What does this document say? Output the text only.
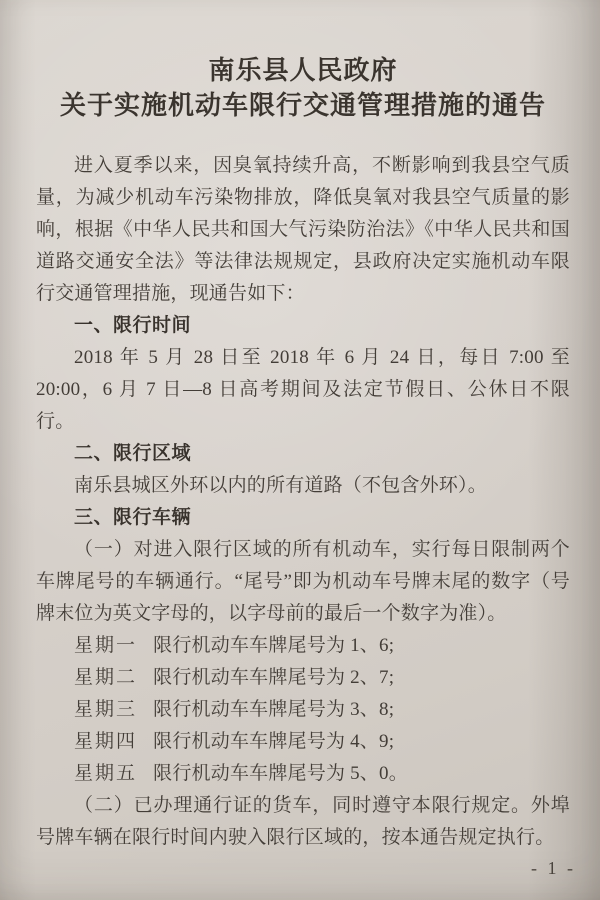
南乐县人民政府
关于实施机动车限行交通管理措施的通告

进入夏季以来，因臭氧持续升高，不断影响到我县空气质量，为减少机动车污染物排放，降低臭氧对我县空气质量的影响，根据《中华人民共和国大气污染防治法》《中华人民共和国道路交通安全法》等法律法规规定，县政府决定实施机动车限行交通管理措施，现通告如下：

一、限行时间

2018 年 5 月 28 日至 2018 年 6 月 24 日，每日 7:00 至 20:00，6 月 7 日—8 日高考期间及法定节假日、公休日不限行。

二、限行区域

南乐县城区外环以内的所有道路（不包含外环）。

三、限行车辆

（一）对进入限行区域的所有机动车，实行每日限制两个车牌尾号的车辆通行。“尾号”即为机动车号牌末尾的数字（号牌末位为英文字母的，以字母前的最后一个数字为准）。

星期一 限行机动车车牌尾号为 1、6;

星期二 限行机动车车牌尾号为 2、7;

星期三 限行机动车车牌尾号为 3、8;

星期四 限行机动车车牌尾号为 4、9;

星期五 限行机动车车牌尾号为 5、0。

（二）已办理通行证的货车，同时遵守本限行规定。外埠号牌车辆在限行时间内驶入限行区域的，按本通告规定执行。

- 1 -
